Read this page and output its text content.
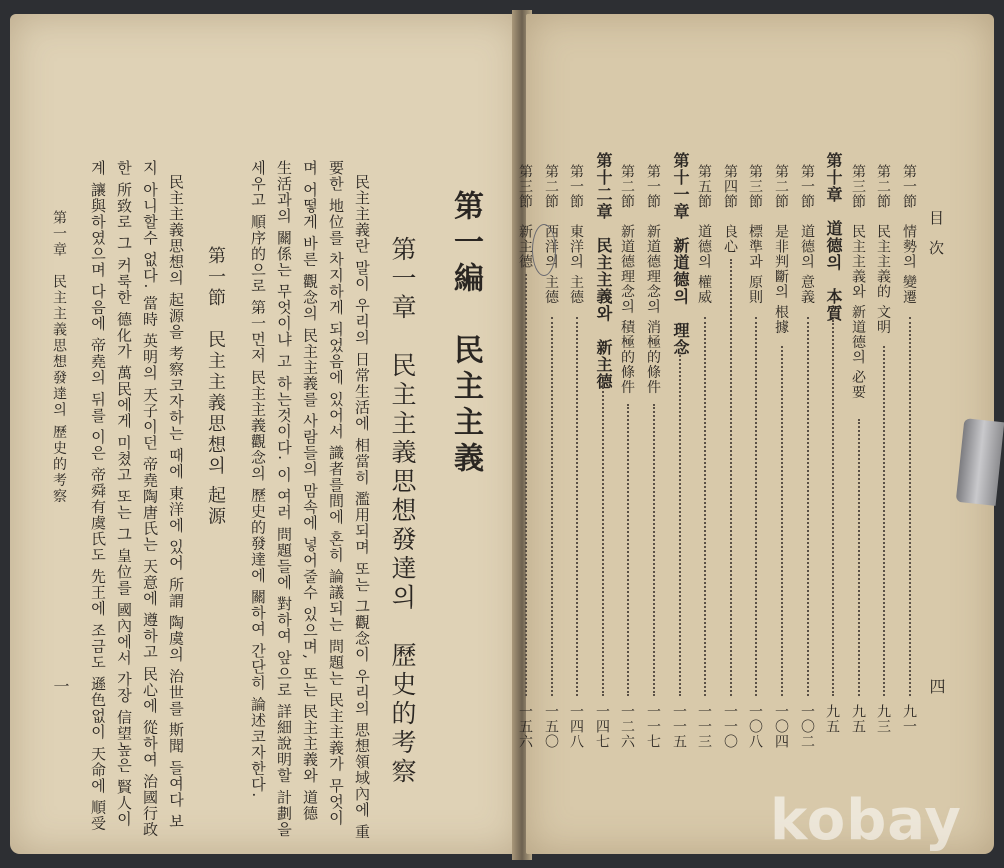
第一編　民主主義
第一章　民主主義思想發達의　歷史的考察
民主主義란 말이 우리의 日常生活에 相當히 濫用되며 또는 그觀念이 우리의 思想領域內에 重
要한 地位를 차지하게 되었음에 있어서 識者를間에 혼히 論議되는 問題는 民主主義가 무엇이
며 어떻게 바른 觀念의 民主主義를 사람들의 맘속에 넣어줄수 있으며, 또는 民主主義와 道德
生活과의 關係는 무엇이냐 고 하는것이다. 이 여러 問題들에 對하여 앞으로 詳細說明할 計劃을
세우고 順序的으로 第一먼저 民主主義觀念의 歷史的發達에 關하여 간단히 論述코자한다.
第一節　民主主義思想의 起源
民主主義思想의 起源을 考察코자하는 때에 東洋에 있어 所謂 陶虞의 治世를 斯聞 들여다 보
지 아니할수 없다. 當時 英明의 天子이던 帝堯陶唐氏는 天意에 遵하고 民心에 從하여 治國行政
한 所致로 그 커룩한 德化가 萬民에게 미쳤고 또는 그 皇位를 國內에서 가장 信望높은 賢人이
계 讓與하였으며 다음에 帝堯의 뒤를 이은 帝舜有虞氏도 先王에 조금도 遜色없이 天命에 順受
第一章　民主主義思想發達의 歷史的考察
一
目　次
四
第一節　情勢의 變遷
九一
第二節　民主主義的 文明
九三
第三節　民主主義와 新道德의 必要
九五
第十章　道德의　本質
九五
第一節　道德의 意義
一〇二
第二節　是非判斷의 根據
一〇四
第三節　標準과 原則
一〇八
第四節　良心
一一〇
第五節　道德의 權威
一一三
第十一章　新道德의　理念
一一五
第一節　新道德理念의 消極的條件
一一七
第二節　新道德理念의 積極的條件
一二六
第十二章　民主主義와　新主德
一四七
第一節　東洋의 主德
一四八
第二節　西洋의 主德
一五〇
第三節　新主德
一五六
kobay
